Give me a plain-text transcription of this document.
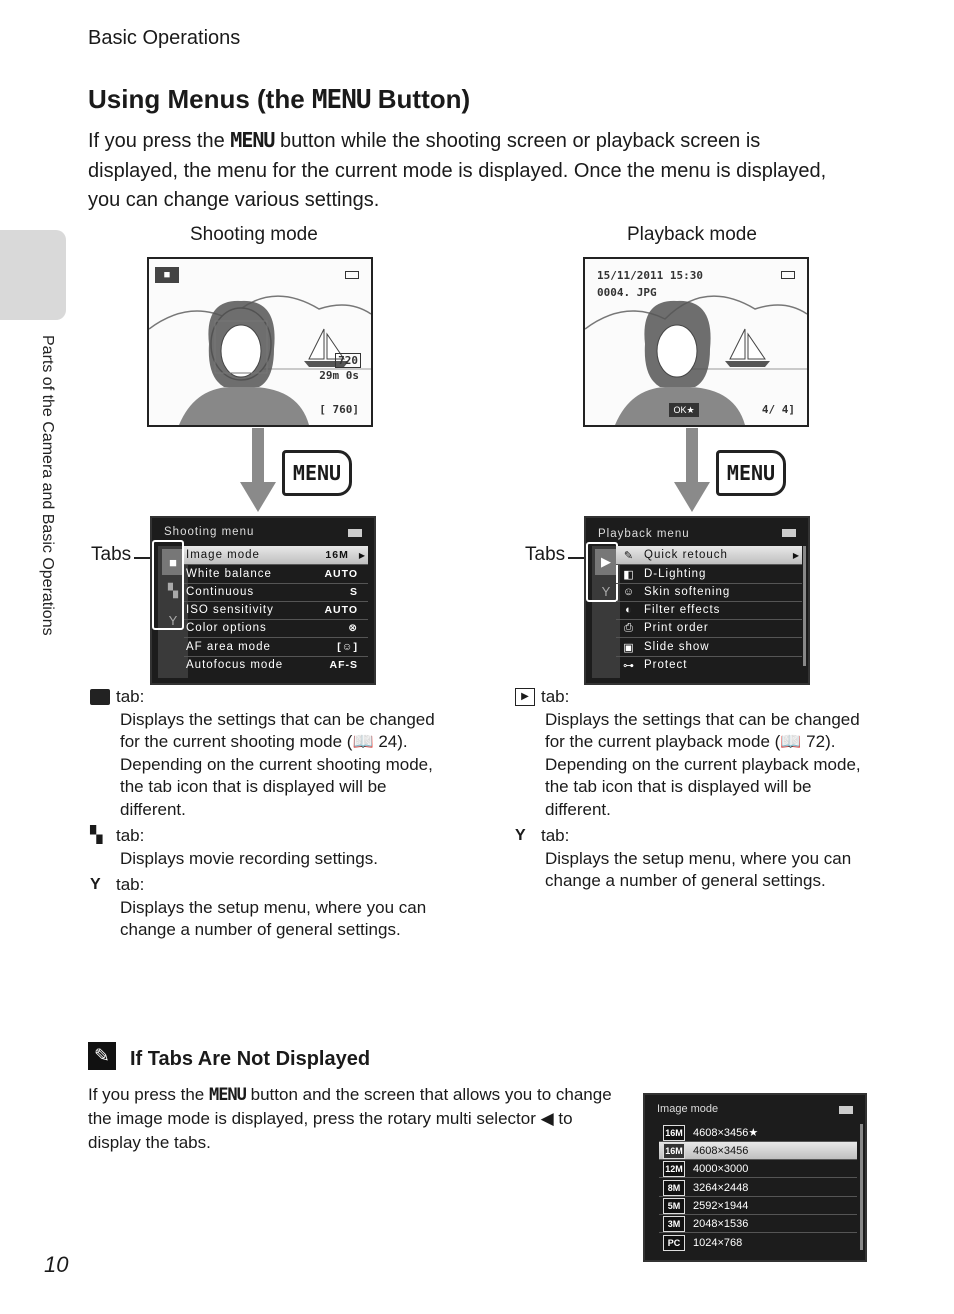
Basic Operations
Using Menus (the MENU Button)

If you press the MENU button while the shooting screen or playback screen is displayed, the menu for the current mode is displayed. Once the menu is displayed, you can change various settings.

Parts of the Camera and Basic Operations
Shooting mode
■
720
29m 0s
[ 760]
MENU
Tabs
Shooting menu
■
▚
Y
Image mode	16M ▶
White balance	AUTO
Continuous	S
ISO sensitivity	AUTO
Color options	⊗
AF area mode	[☺]
Autofocus mode	AF-S
tab:
Displays the settings that can be changed for the current shooting mode (📖 24). Depending on the current shooting mode, the tab icon that is displayed will be different.
▚ tab:
Displays movie recording settings.
Y tab:
Displays the setup menu, where you can change a number of general settings.
Playback mode
15/11/2011 15:30
0004. JPG
OK★	4/ 4]
MENU
Tabs
Playback menu
▶
Y
✎ Quick retouch	▶
◧ D-Lighting
☺ Skin softening
◐ Filter effects
⎙ Print order
▣ Slide show
⊶ Protect
▶ tab:
Displays the settings that can be changed for the current playback mode (📖 72). Depending on the current playback mode, the tab icon that is displayed will be different.
Y tab:
Displays the setup menu, where you can change a number of general settings.
✎	If Tabs Are Not Displayed
If you press the MENU button and the screen that allows you to change the image mode is displayed, press the rotary multi selector ◀ to display the tabs.
Image mode
16M 4608×3456★
16M 4608×3456
12M 4000×3000
8M	3264×2448
5M	2592×1944
3M	2048×1536
PC	1024×768
10
